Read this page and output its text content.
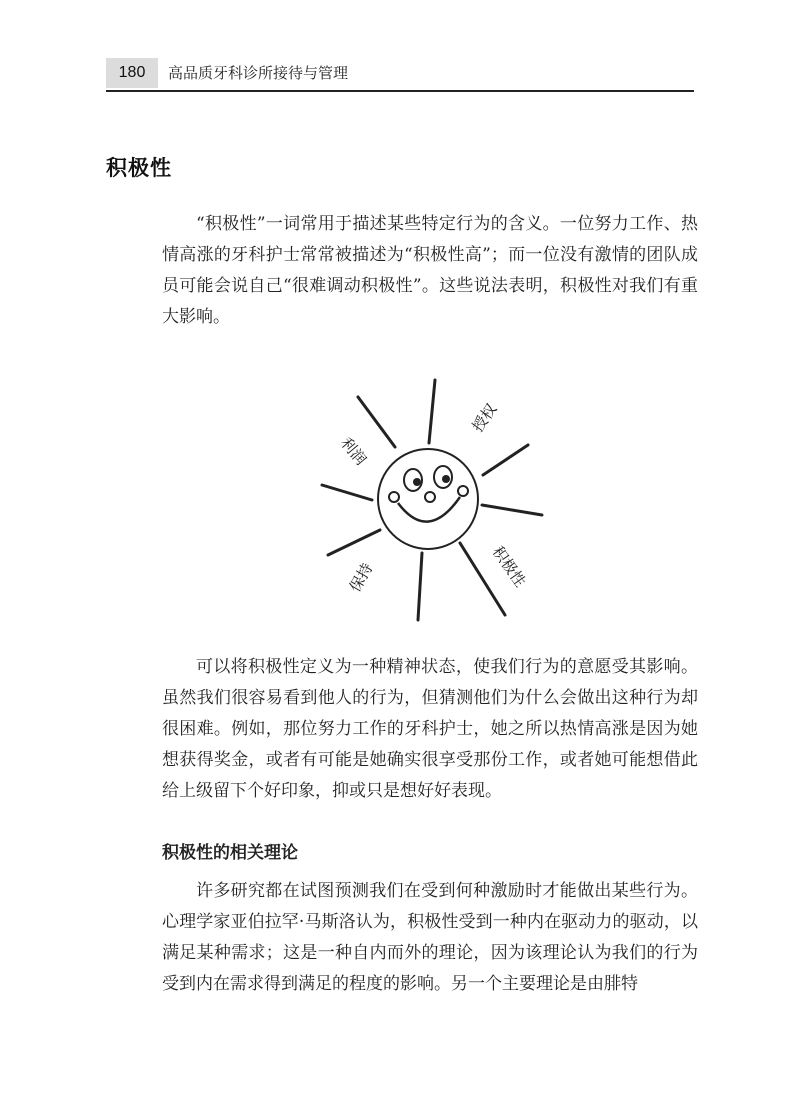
180	高品质牙科诊所接待与管理
积极性

“积极性”一词常用于描述某些特定行为的含义。一位努力工作、热情高涨的牙科护士常常被描述为“积极性高”；而一位没有激情的团队成员可能会说自己“很难调动积极性”。这些说法表明，积极性对我们有重大影响。

利润
授权
保持	积极性

可以将积极性定义为一种精神状态，使我们行为的意愿受其影响。虽然我们很容易看到他人的行为，但猜测他们为什么会做出这种行为却很困难。例如，那位努力工作的牙科护士，她之所以热情高涨是因为她想获得奖金，或者有可能是她确实很享受那份工作，或者她可能想借此给上级留下个好印象，抑或只是想好好表现。

积极性的相关理论

许多研究都在试图预测我们在受到何种激励时才能做出某些行为。心理学家亚伯拉罕·马斯洛认为，积极性受到一种内在驱动力的驱动，以满足某种需求；这是一种自内而外的理论，因为该理论认为我们的行为受到内在需求得到满足的程度的影响。另一个主要理论是由腓特
